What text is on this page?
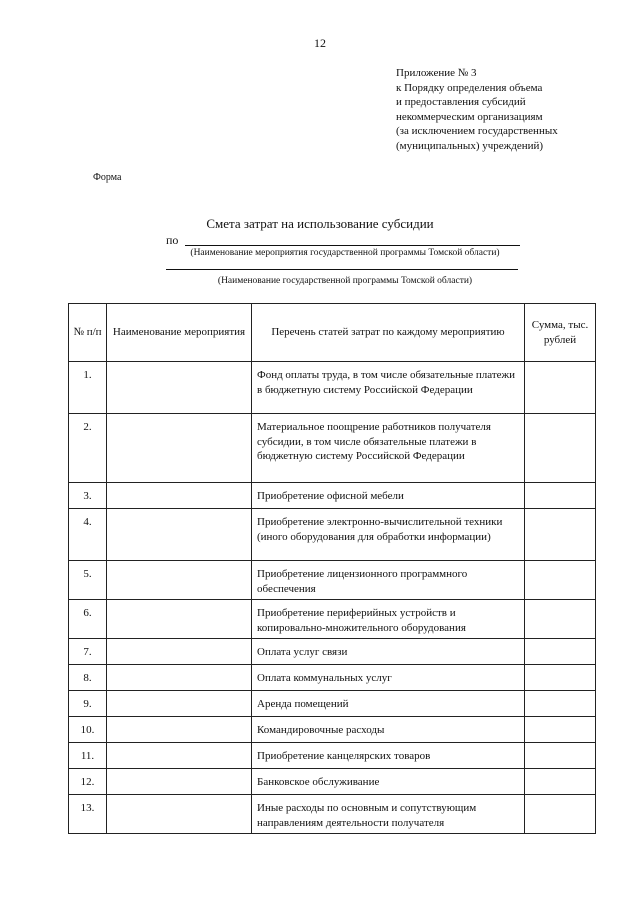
12
Приложение № 3
к Порядку определения объема
и предоставления субсидий
некоммерческим организациям
(за исключением государственных
(муниципальных) учреждений)
Форма
Смета затрат на использование субсидии
по
(Наименование мероприятия государственной программы Томской области)
(Наименование государственной программы Томской области)
№ п/п	Наименование мероприятия	Перечень статей затрат по каждому мероприятию	Сумма, тыс. рублей
1.		Фонд оплаты труда, в том числе обязательные платежи в бюджетную систему Российской Федерации	
2.		Материальное поощрение работников получателя субсидии, в том числе обязательные платежи в бюджетную систему Российской Федерации	
3.		Приобретение офисной мебели	
4.		Приобретение электронно-вычислительной техники (иного оборудования для обработки информации)	
5.		Приобретение лицензионного программного обеспечения	
6.		Приобретение периферийных устройств и копировально-множительного оборудования	
7.		Оплата услуг связи	
8.		Оплата коммунальных услуг	
9.		Аренда помещений	
10.		Командировочные расходы	
11.		Приобретение канцелярских товаров	
12.		Банковское обслуживание	
13.		Иные расходы по основным и сопутствующим направлениям деятельности получателя	
